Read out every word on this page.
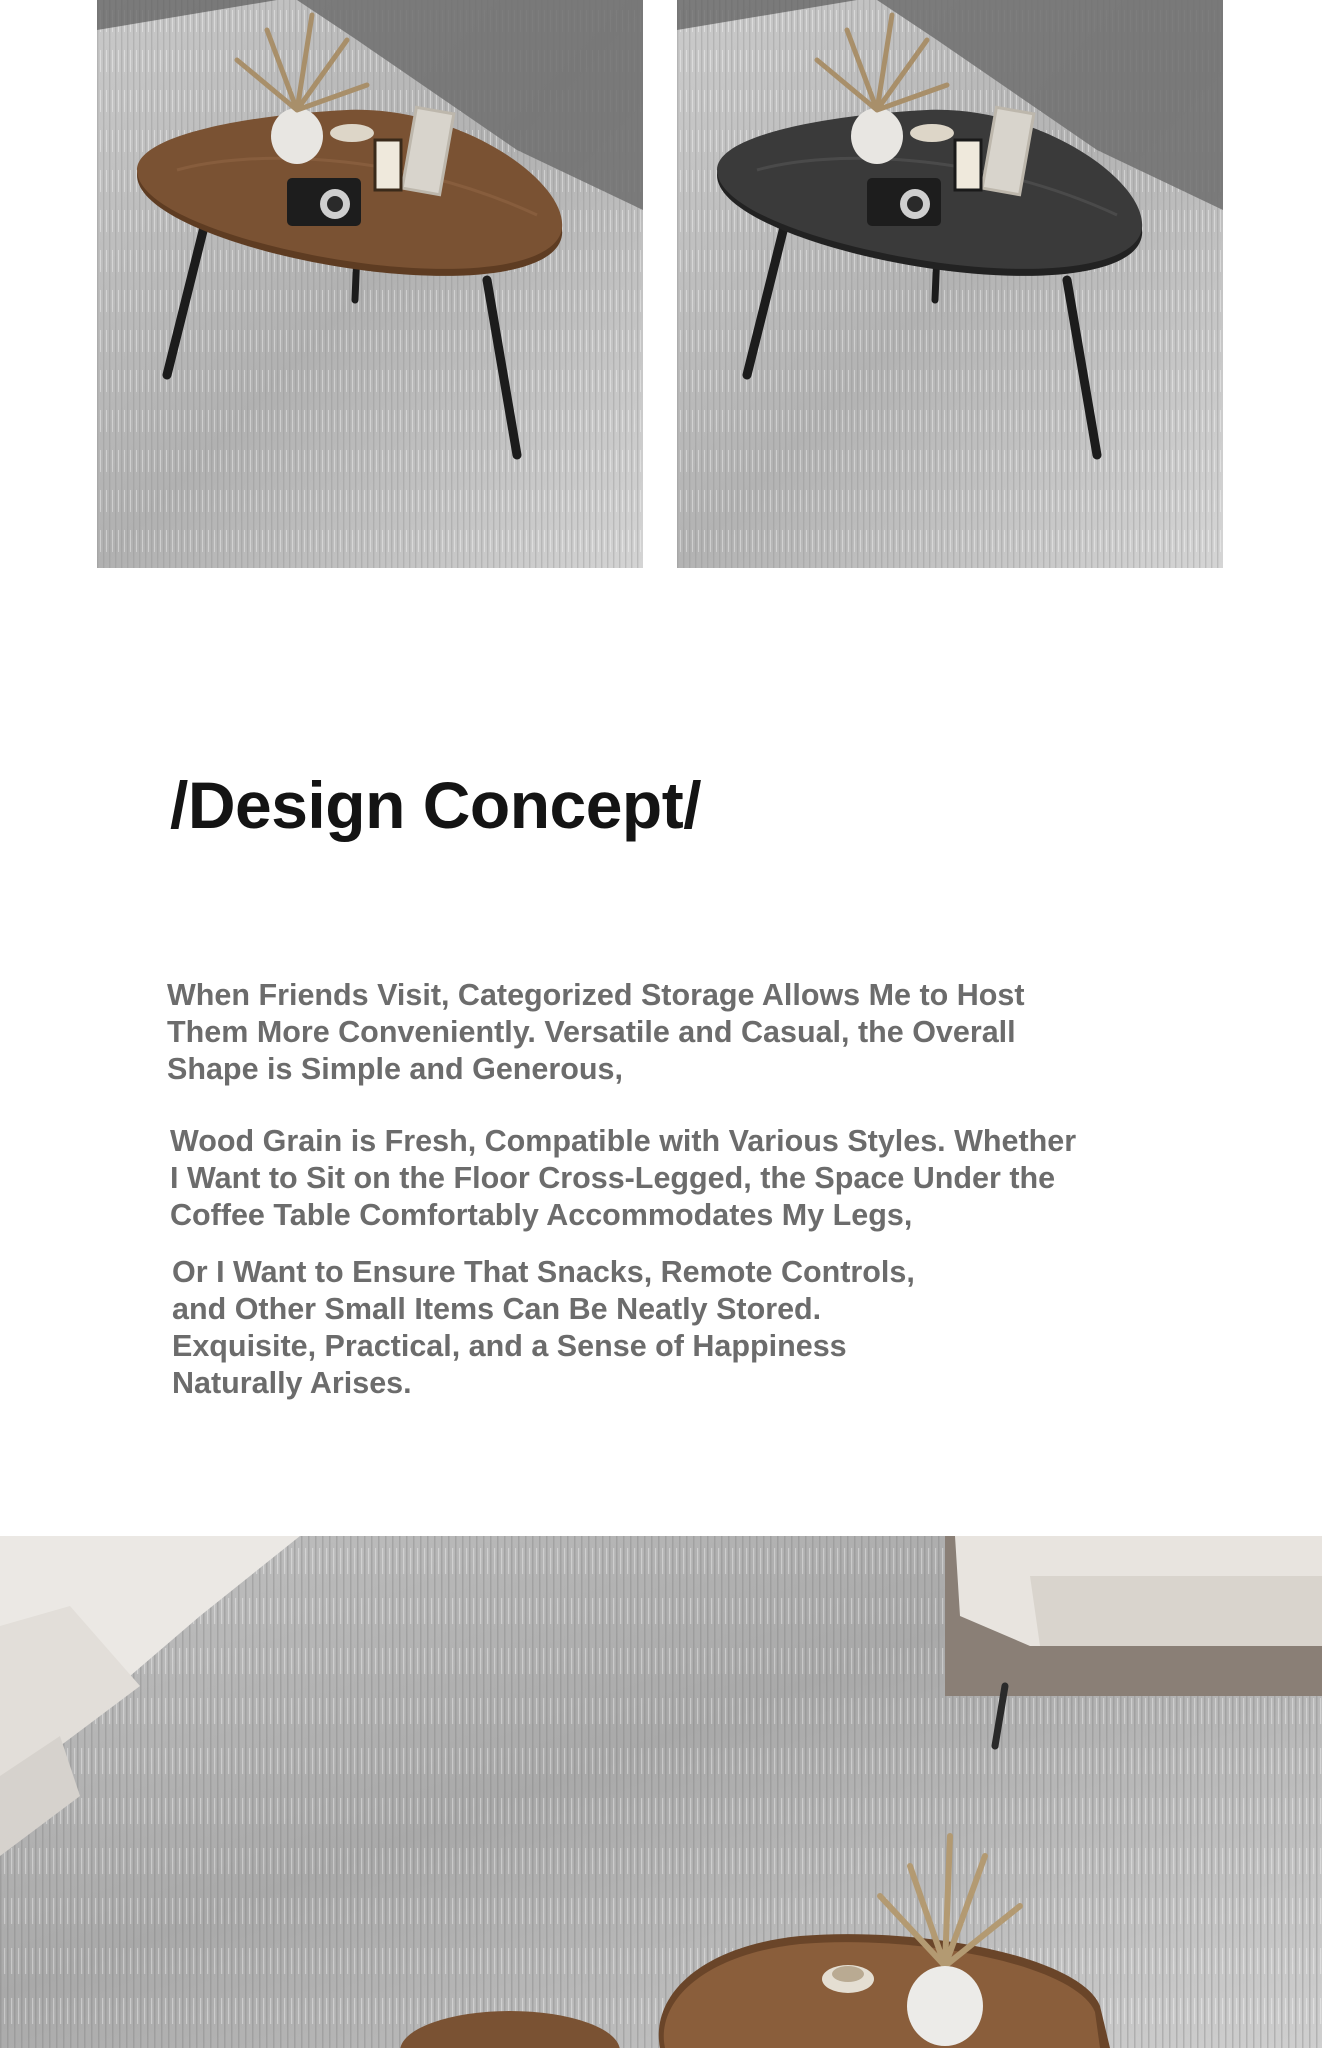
/Design Concept/

When Friends Visit, Categorized Storage Allows Me to Host
Them More Conveniently. Versatile and Casual, the Overall
Shape is Simple and Generous,

Wood Grain is Fresh, Compatible with Various Styles. Whether
I Want to Sit on the Floor Cross-Legged, the Space Under the
Coffee Table Comfortably Accommodates My Legs,

Or I Want to Ensure That Snacks, Remote Controls,
and Other Small Items Can Be Neatly Stored.
Exquisite, Practical, and a Sense of Happiness
Naturally Arises.
